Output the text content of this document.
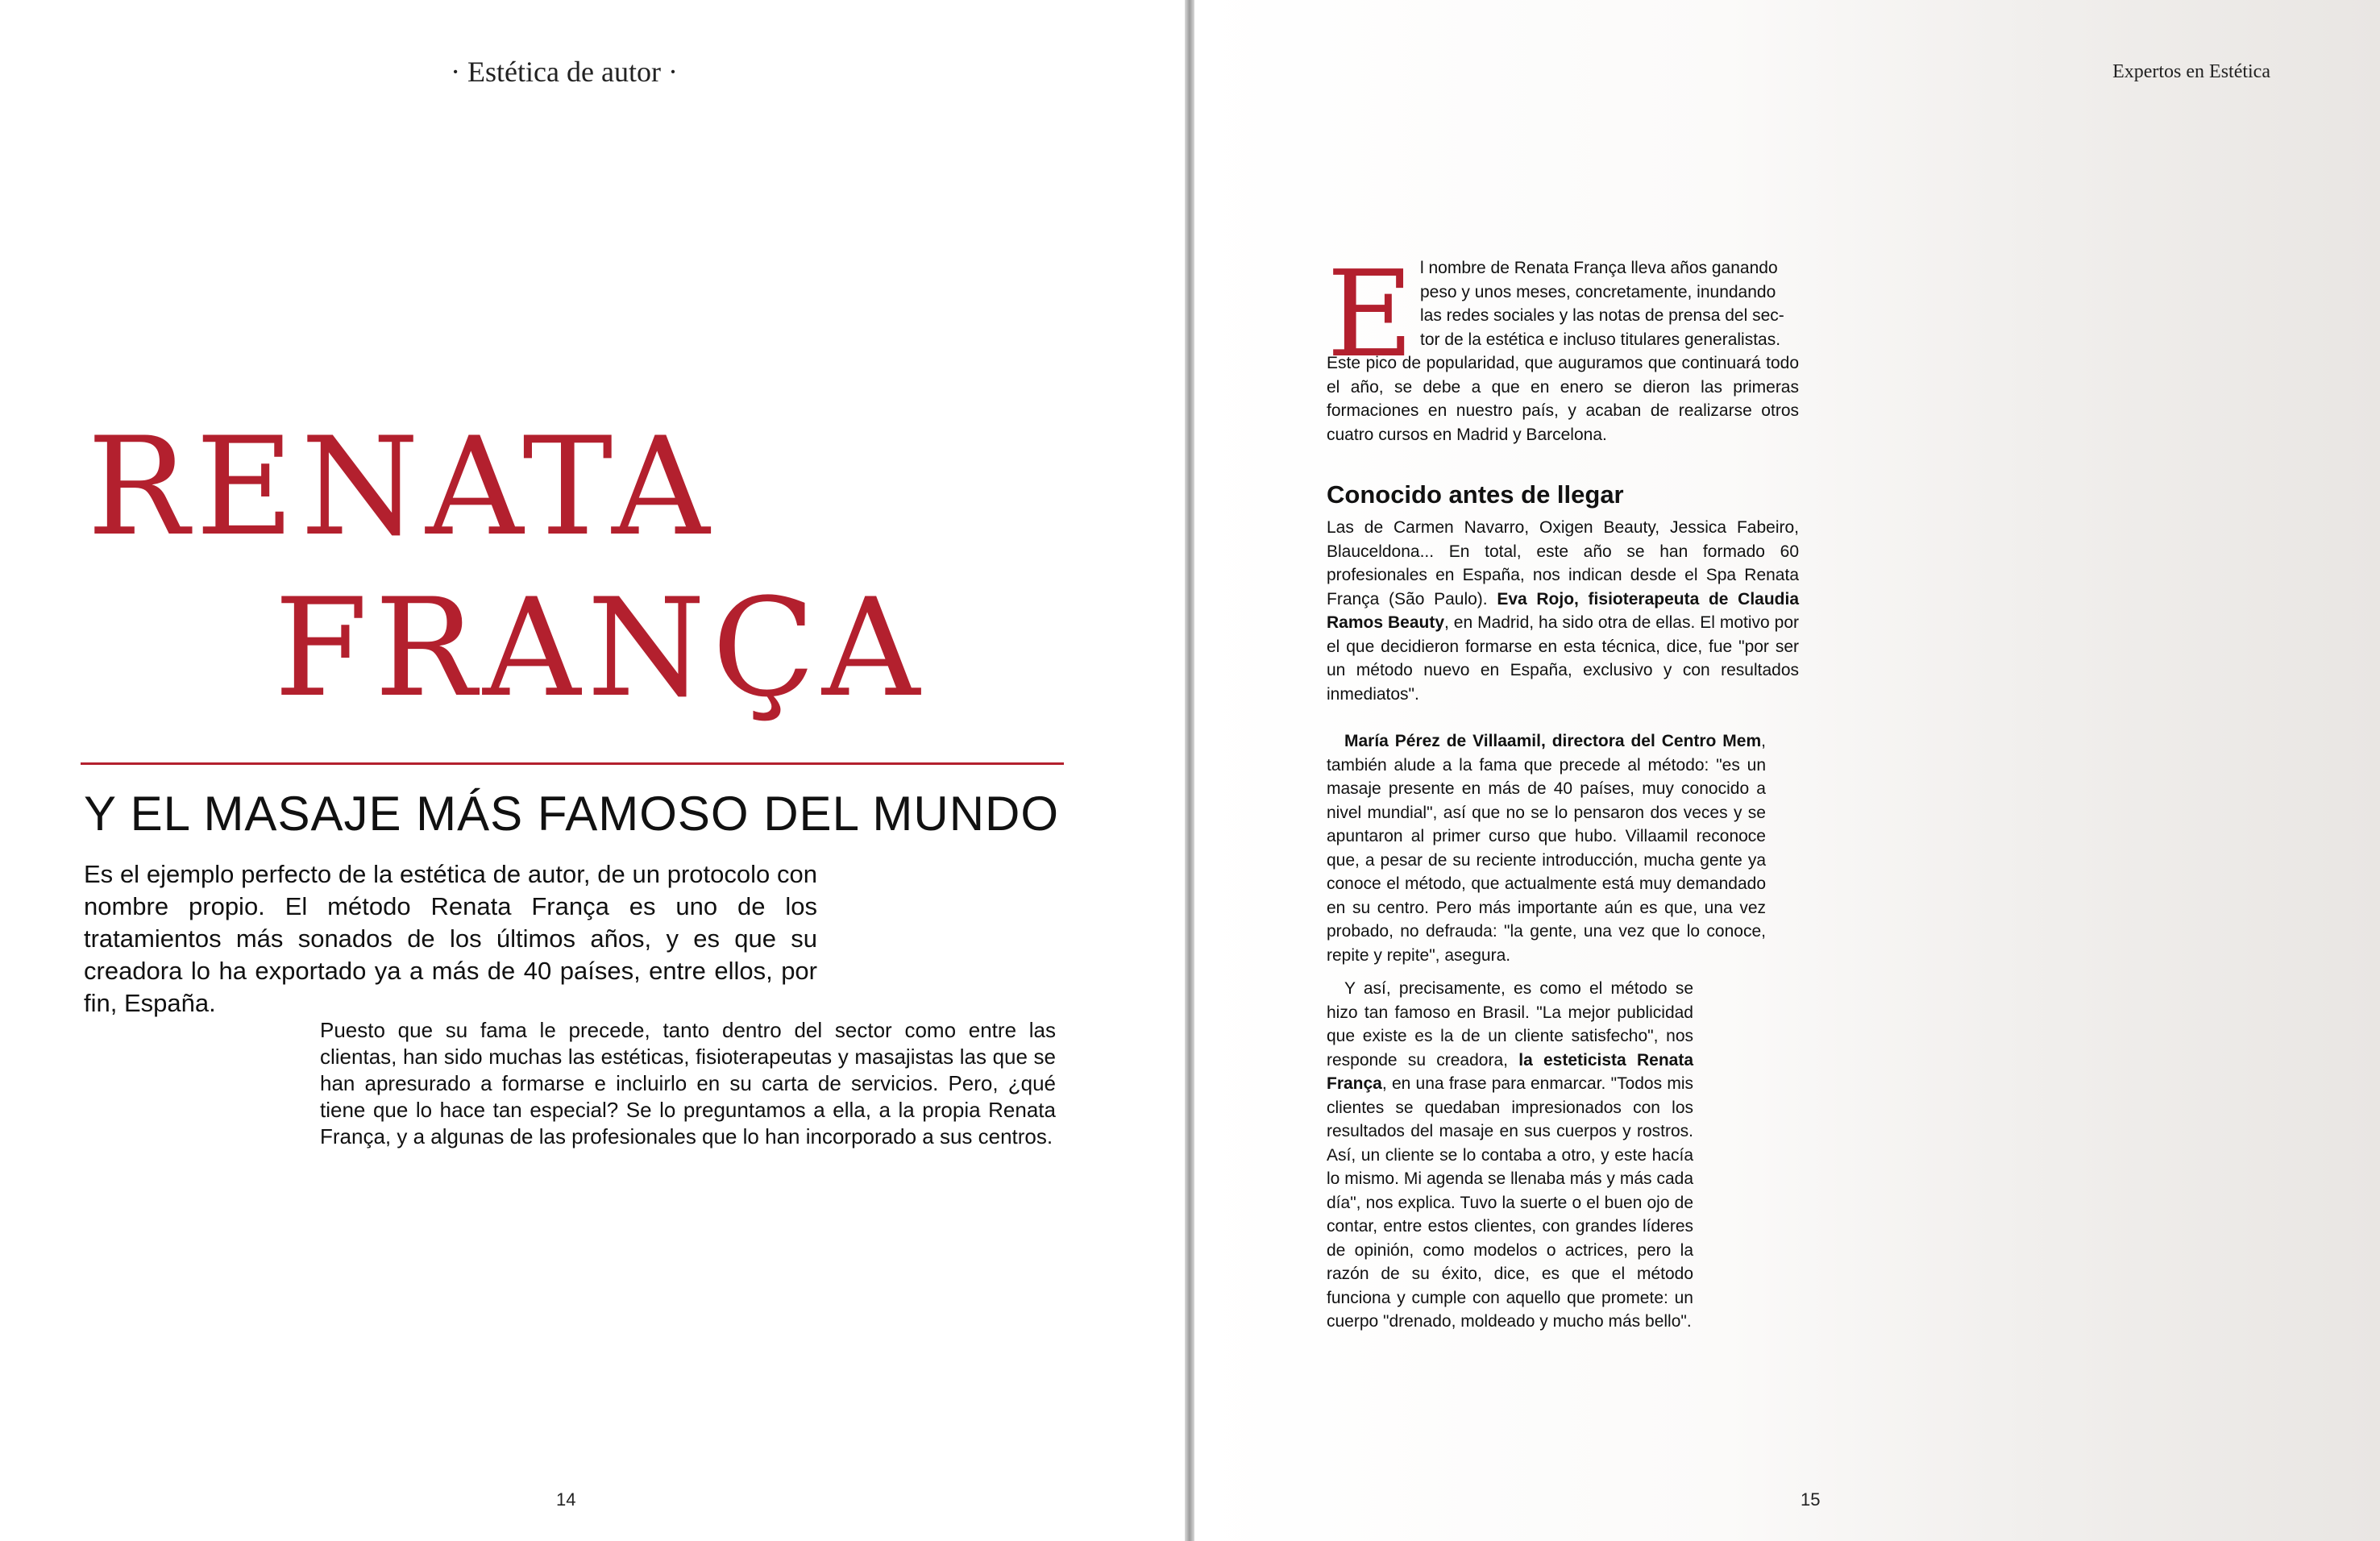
· Estética de autor ·
RENATA
FRANÇA
Y EL MASAJE MÁS FAMOSO DEL MUNDO

Es el ejemplo perfecto de la estética de autor, de un protocolo con nombre propio. El método Renata França es uno de los tratamientos más sonados de los últimos años, y es que su creadora lo ha exportado ya a más de 40 países, entre ellos, por fin, España.

Puesto que su fama le precede, tanto dentro del sector como entre las clientas, han sido muchas las estéticas, fisioterapeutas y masajistas las que se han apresurado a formarse e incluirlo en su carta de servicios. Pero, ¿qué tiene que lo hace tan especial? Se lo preguntamos a ella, a la propia Renata França, y a algunas de las profesionales que lo han incorporado a sus centros.

14
Expertos en Estética
E l nombre de Renata França lleva años ganando
peso y unos meses, concretamente, inundando
las redes sociales y las notas de prensa del sec-
tor de la estética e incluso titulares generalistas.

Este pico de popularidad, que auguramos que continuará todo el año, se debe a que en enero se dieron las primeras formaciones en nuestro país, y acaban de realizarse otros cuatro cursos en Madrid y Barcelona.

Conocido antes de llegar

Las de Carmen Navarro, Oxigen Beauty, Jessica Fabeiro, Blauceldona... En total, este año se han formado 60 profesionales en España, nos indican desde el Spa Renata França (São Paulo). Eva Rojo, fisioterapeuta de Claudia Ramos Beauty, en Madrid, ha sido otra de ellas. El motivo por el que decidieron formarse en esta técnica, dice, fue "por ser un método nuevo en España, exclusivo y con resultados inmediatos".

María Pérez de Villaamil, directora del Centro Mem, también alude a la fama que precede al método: "es un masaje presente en más de 40 países, muy conocido a nivel mundial", así que no se lo pensaron dos veces y se apuntaron al primer curso que hubo. Villaamil reconoce que, a pesar de su reciente introducción, mucha gente ya conoce el método, que actualmente está muy demandado en su centro. Pero más importante aún es que, una vez probado, no defrauda: "la gente, una vez que lo conoce, repite y repite", asegura.

Y así, precisamente, es como el método se hizo tan famoso en Brasil. "La mejor publicidad que existe es la de un cliente satisfecho", nos responde su creadora, la esteticista Renata França, en una frase para enmarcar. "Todos mis clientes se quedaban impresionados con los resultados del masaje en sus cuerpos y rostros. Así, un cliente se lo contaba a otro, y este hacía lo mismo. Mi agenda se llenaba más y más cada día", nos explica. Tuvo la suerte o el buen ojo de contar, entre estos clientes, con grandes líderes de opinión, como modelos o actrices, pero la razón de su éxito, dice, es que el método funciona y cumple con aquello que promete: un cuerpo "drenado, moldeado y mucho más bello".

15
